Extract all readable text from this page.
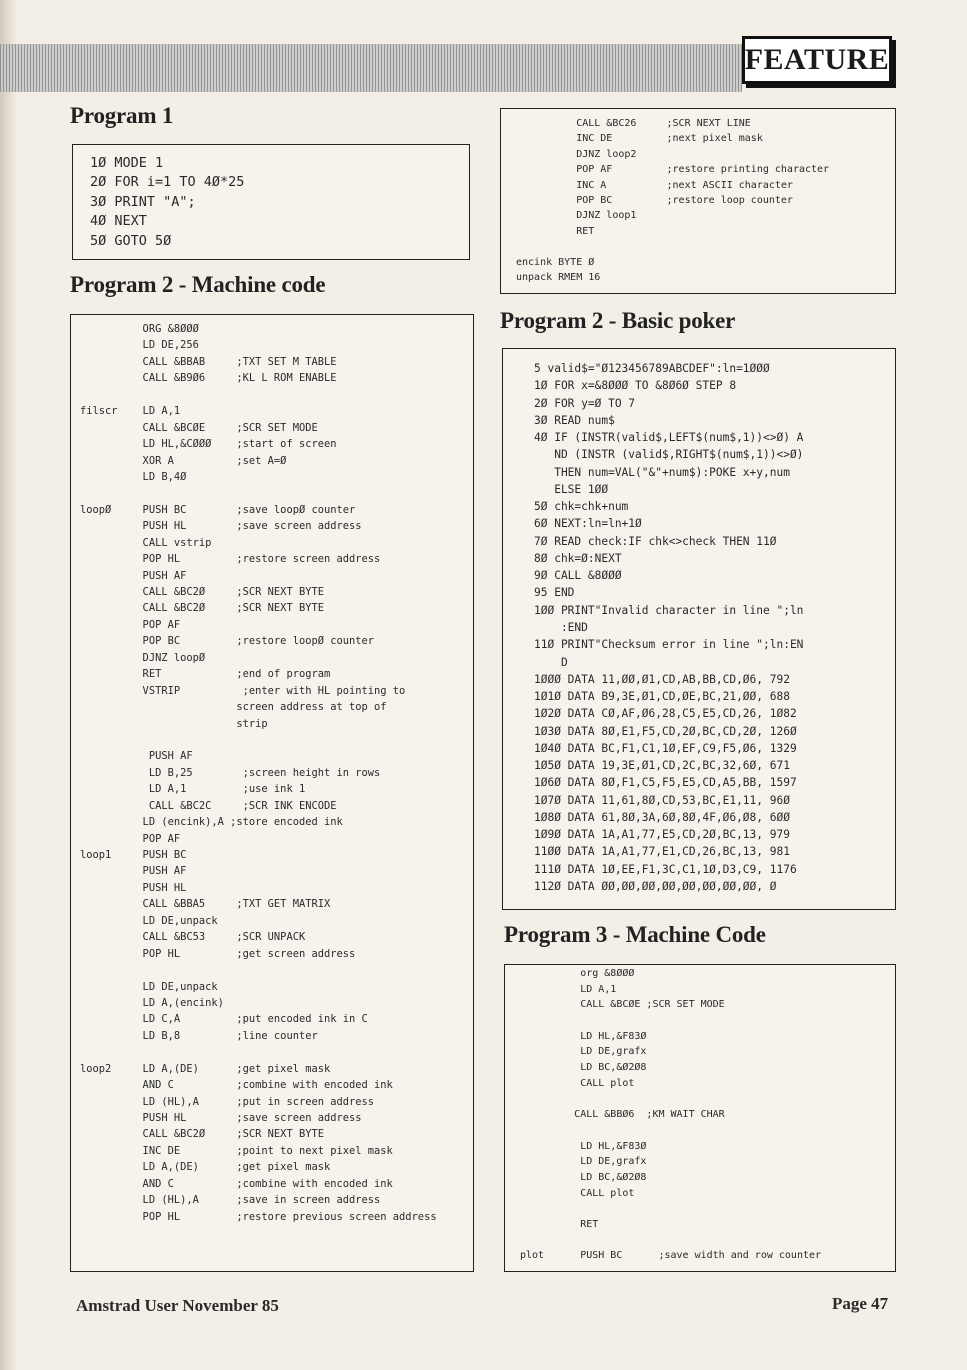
FEATURE
Program 1
1Ø MODE 1
2Ø FOR i=1 TO 4Ø*25
3Ø PRINT "A";
4Ø NEXT
5Ø GOTO 5Ø
Program 2 - Machine code
ORG &8ØØØ
LD DE,256
CALL &BBAB     ;TXT SET M TABLE
CALL &B9Ø6     ;KL L ROM ENABLE

filscr    LD A,1
CALL &BCØE     ;SCR SET MODE
LD HL,&CØØØ    ;start of screen
XOR A          ;set A=Ø
LD B,4Ø

loopØ     PUSH BC        ;save loopØ counter
PUSH HL        ;save screen address
CALL vstrip
POP HL         ;restore screen address
PUSH AF
CALL &BC2Ø     ;SCR NEXT BYTE
CALL &BC2Ø     ;SCR NEXT BYTE
POP AF
POP BC         ;restore loopØ counter
DJNZ loopØ
RET            ;end of program
VSTRIP          ;enter with HL pointing to
screen address at top of
strip

PUSH AF
LD B,25        ;screen height in rows
LD A,1         ;use ink 1
CALL &BC2C     ;SCR INK ENCODE
LD (encink),A ;store encoded ink
POP AF
loop1     PUSH BC
PUSH AF
PUSH HL
CALL &BBA5     ;TXT GET MATRIX
LD DE,unpack
CALL &BC53     ;SCR UNPACK
POP HL         ;get screen address

LD DE,unpack
LD A,(encink)
LD C,A         ;put encoded ink in C
LD B,8         ;line counter

loop2     LD A,(DE)      ;get pixel mask
AND C          ;combine with encoded ink
LD (HL),A      ;put in screen address
PUSH HL        ;save screen address
CALL &BC2Ø     ;SCR NEXT BYTE
INC DE         ;point to next pixel mask
LD A,(DE)      ;get pixel mask
AND C          ;combine with encoded ink
LD (HL),A      ;save in screen address
POP HL         ;restore previous screen address
CALL &BC26     ;SCR NEXT LINE
INC DE         ;next pixel mask
DJNZ loop2
POP AF         ;restore printing character
INC A          ;next ASCII character
POP BC         ;restore loop counter
DJNZ loop1
RET

encink BYTE Ø
unpack RMEM 16
Program 2 - Basic poker
5 valid$="Ø123456789ABCDEF":ln=1ØØØ
1Ø FOR x=&8ØØØ TO &8Ø6Ø STEP 8
2Ø FOR y=Ø TO 7
3Ø READ num$
4Ø IF (INSTR(valid$,LEFT$(num$,1))<>Ø) A
ND (INSTR (valid$,RIGHT$(num$,1))<>Ø)
THEN num=VAL("&"+num$):POKE x+y,num
ELSE 1ØØ
5Ø chk=chk+num
6Ø NEXT:ln=ln+1Ø
7Ø READ check:IF chk<>check THEN 11Ø
8Ø chk=Ø:NEXT
9Ø CALL &8ØØØ
95 END
1ØØ PRINT"Invalid character in line ";ln
:END
11Ø PRINT"Checksum error in line ";ln:EN
D
1ØØØ DATA 11,ØØ,Ø1,CD,AB,BB,CD,Ø6, 792
1Ø1Ø DATA B9,3E,Ø1,CD,ØE,BC,21,ØØ, 688
1Ø2Ø DATA CØ,AF,Ø6,28,C5,E5,CD,26, 1Ø82
1Ø3Ø DATA 8Ø,E1,F5,CD,2Ø,BC,CD,2Ø, 126Ø
1Ø4Ø DATA BC,F1,C1,1Ø,EF,C9,F5,Ø6, 1329
1Ø5Ø DATA 19,3E,Ø1,CD,2C,BC,32,6Ø, 671
1Ø6Ø DATA 8Ø,F1,C5,F5,E5,CD,A5,BB, 1597
1Ø7Ø DATA 11,61,8Ø,CD,53,BC,E1,11, 96Ø
1Ø8Ø DATA 61,8Ø,3A,6Ø,8Ø,4F,Ø6,Ø8, 6ØØ
1Ø9Ø DATA 1A,A1,77,E5,CD,2Ø,BC,13, 979
11ØØ DATA 1A,A1,77,E1,CD,26,BC,13, 981
111Ø DATA 1Ø,EE,F1,3C,C1,1Ø,D3,C9, 1176
112Ø DATA ØØ,ØØ,ØØ,ØØ,ØØ,ØØ,ØØ,ØØ, Ø
Program 3 - Machine Code
org &8ØØØ
LD A,1
CALL &BCØE ;SCR SET MODE

LD HL,&F83Ø
LD DE,grafx
LD BC,&Ø2Ø8
CALL plot

CALL &BBØ6  ;KM WAIT CHAR

LD HL,&F83Ø
LD DE,grafx
LD BC,&Ø2Ø8
CALL plot

RET

plot      PUSH BC      ;save width and row counter
Amstrad User November 85	Page 47
